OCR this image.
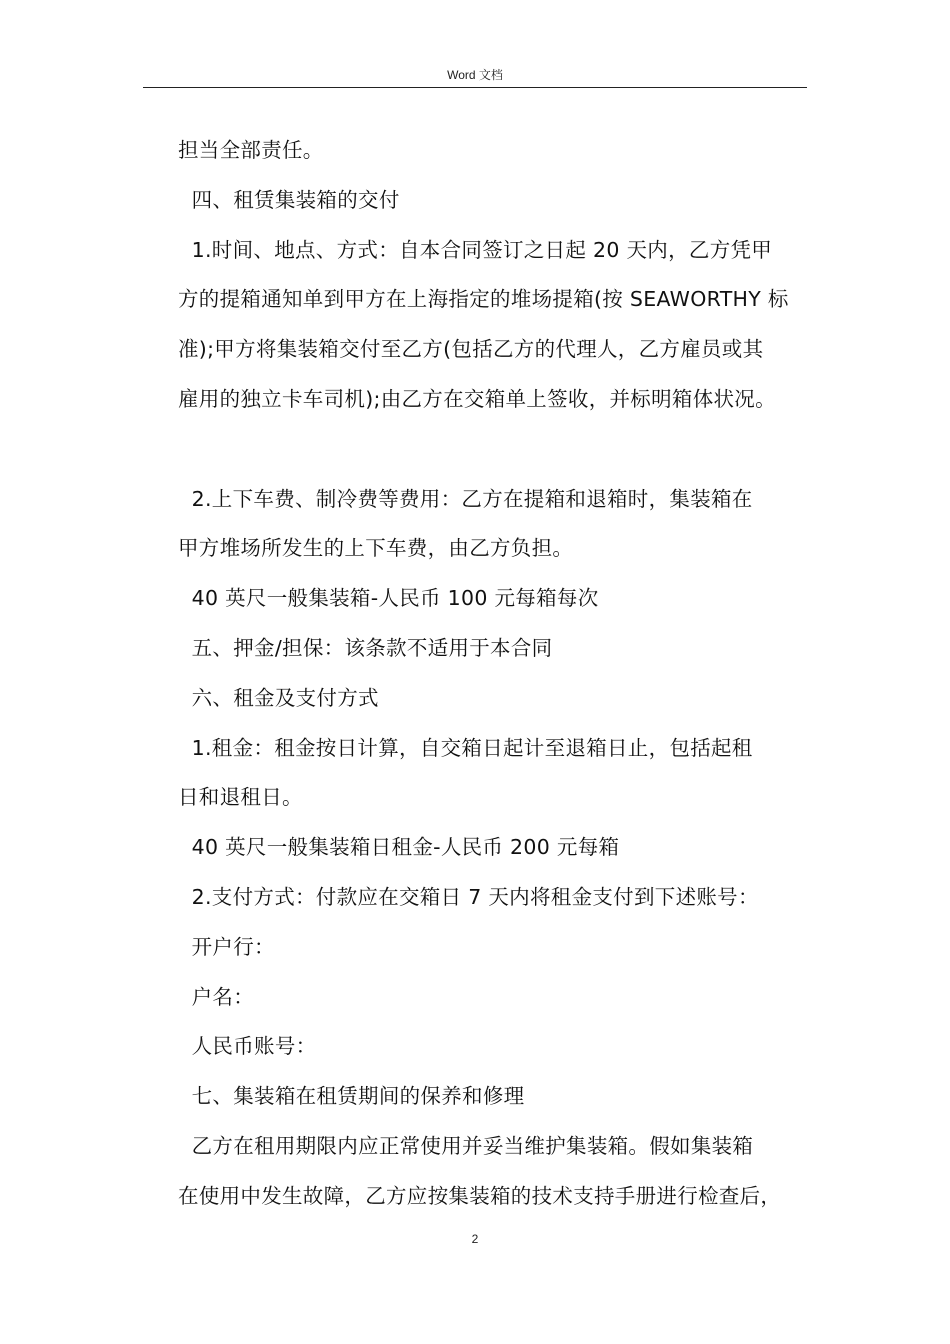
Word 文档

担当全部责任。

四、租赁集装箱的交付

1.时间、地点、方式：自本合同签订之日起 20 天内，乙方凭甲

方的提箱通知单到甲方在上海指定的堆场提箱(按 SEAWORTHY 标

准);甲方将集装箱交付至乙方(包括乙方的代理人，乙方雇员或其

雇用的独立卡车司机);由乙方在交箱单上签收，并标明箱体状况。

2.上下车费、制冷费等费用：乙方在提箱和退箱时，集装箱在

甲方堆场所发生的上下车费，由乙方负担。

40 英尺一般集装箱-人民币 100 元每箱每次

五、押金/担保：该条款不适用于本合同

六、租金及支付方式

1.租金：租金按日计算，自交箱日起计至退箱日止，包括起租

日和退租日。

40 英尺一般集装箱日租金-人民币 200 元每箱

2.支付方式：付款应在交箱日 7 天内将租金支付到下述账号：

开户行：

户名：

人民币账号：

七、集装箱在租赁期间的保养和修理

乙方在租用期限内应正常使用并妥当维护集装箱。假如集装箱

在使用中发生故障，乙方应按集装箱的技术支持手册进行检查后，

2
